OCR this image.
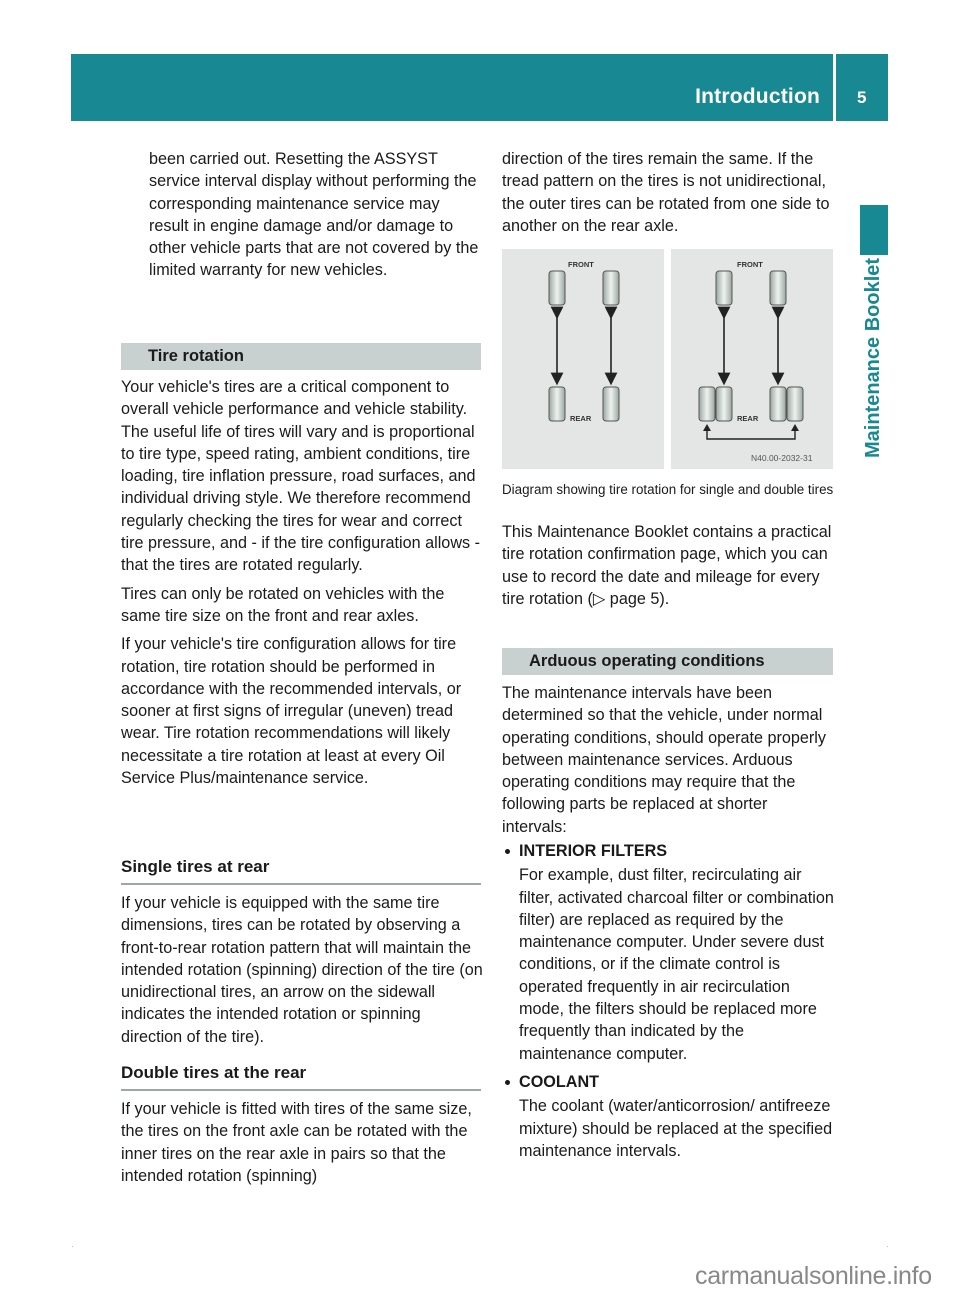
Introduction 5
Maintenance Booklet

been carried out. Resetting the ASSYST service interval display without performing the corresponding maintenance service may result in engine damage and/or damage to other vehicle parts that are not covered by the limited warranty for new vehicles.

Tire rotation

Your vehicle's tires are a critical component to overall vehicle performance and vehicle stability. The useful life of tires will vary and is proportional to tire type, speed rating, ambient conditions, tire loading, tire inflation pressure, road surfaces, and individual driving style. We therefore recommend regularly checking the tires for wear and correct tire pressure, and - if the tire configuration allows - that the tires are rotated regularly.

Tires can only be rotated on vehicles with the same tire size on the front and rear axles.

If your vehicle's tire configuration allows for tire rotation, tire rotation should be performed in accordance with the recommended intervals, or sooner at first signs of irregular (uneven) tread wear. Tire rotation recommendations will likely necessitate a tire rotation at least at every Oil Service Plus/maintenance service.

Single tires at rear

If your vehicle is equipped with the same tire dimensions, tires can be rotated by observing a front-to-rear rotation pattern that will maintain the intended rotation (spinning) direction of the tire (on unidirectional tires, an arrow on the sidewall indicates the intended rotation or spinning direction of the tire).

Double tires at the rear

If your vehicle is fitted with tires of the same size, the tires on the front axle can be rotated with the inner tires on the rear axle in pairs so that the intended rotation (spinning)

direction of the tires remain the same. If the tread pattern on the tires is not unidirectional, the outer tires can be rotated from one side to another on the rear axle.

FRONT
REAR
FRONT
REAR
N40.00-2032-31
Diagram showing tire rotation for single and double tires

This Maintenance Booklet contains a practical tire rotation confirmation page, which you can use to record the date and mileage for every tire rotation (▷ page 5).

Arduous operating conditions

The maintenance intervals have been determined so that the vehicle, under normal operating conditions, should operate properly between maintenance services. Arduous operating conditions may require that the following parts be replaced at shorter intervals:

INTERIOR FILTERS

For example, dust filter, recirculating air filter, activated charcoal filter or combination filter) are replaced as required by the maintenance computer. Under severe dust conditions, or if the climate control is operated frequently in air recirculation mode, the filters should be replaced more frequently than indicated by the maintenance computer.

COOLANT

The coolant (water/anticorrosion/ antifreeze mixture) should be replaced at the specified maintenance intervals.

carmanualsonline.info
